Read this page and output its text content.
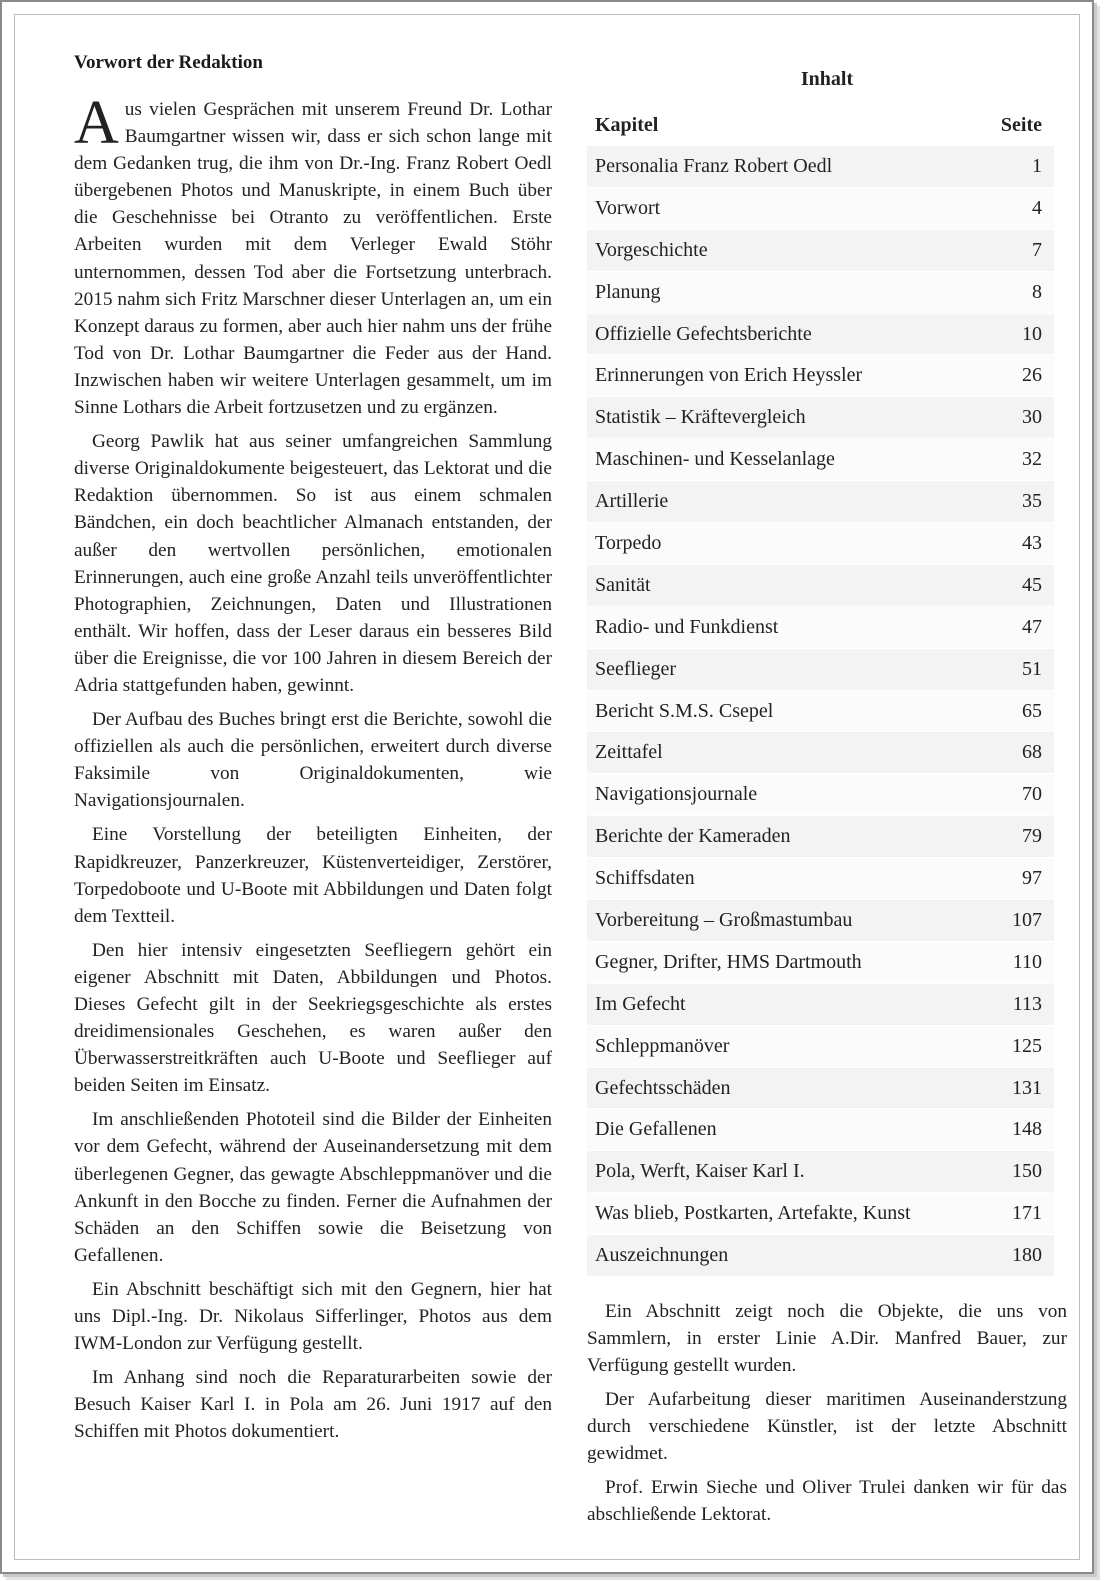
Vorwort der Redaktion

Aus vielen Gesprächen mit unserem Freund Dr. Lothar Baumgartner wissen wir, dass er sich schon lange mit dem Gedanken trug, die ihm von Dr.-Ing. Franz Robert Oedl übergebenen Photos und Manuskripte, in einem Buch über die Geschehnisse bei Otranto zu veröffentlichen. Erste Arbeiten wurden mit dem Verleger Ewald Stöhr unternommen, dessen Tod aber die Fortsetzung unterbrach. 2015 nahm sich Fritz Marschner dieser Unterlagen an, um ein Konzept daraus zu formen, aber auch hier nahm uns der frühe Tod von Dr. Lothar Baumgartner die Feder aus der Hand. Inzwischen haben wir weitere Unterlagen gesammelt, um im Sinne Lothars die Arbeit fortzusetzen und zu ergänzen.

Georg Pawlik hat aus seiner umfangreichen Sammlung diverse Originaldokumente beigesteuert, das Lektorat und die Redaktion übernommen. So ist aus einem schmalen Bändchen, ein doch beachtlicher Almanach entstanden, der außer den wertvollen persönlichen, emotionalen Erinnerungen, auch eine große Anzahl teils unveröffentlichter Photographien, Zeichnungen, Daten und Illustrationen enthält. Wir hoffen, dass der Leser daraus ein besseres Bild über die Ereignisse, die vor 100 Jahren in diesem Bereich der Adria stattgefunden haben, gewinnt.

Der Aufbau des Buches bringt erst die Berichte, sowohl die offiziellen als auch die persönlichen, erweitert durch diverse Faksimile von Originaldokumenten, wie Navigationsjournalen.

Eine Vorstellung der beteiligten Einheiten, der Rapidkreuzer, Panzerkreuzer, Küstenverteidiger, Zerstörer, Torpedoboote und U-Boote mit Abbildungen und Daten folgt dem Textteil.

Den hier intensiv eingesetzten Seefliegern gehört ein eigener Abschnitt mit Daten, Abbildungen und Photos. Dieses Gefecht gilt in der Seekriegsgeschichte als erstes dreidimensionales Geschehen, es waren außer den Überwasserstreitkräften auch U-Boote und Seeflieger auf beiden Seiten im Einsatz.

Im anschließenden Phototeil sind die Bilder der Einheiten vor dem Gefecht, während der Auseinandersetzung mit dem überlegenen Gegner, das gewagte Abschleppmanöver und die Ankunft in den Bocche zu finden. Ferner die Aufnahmen der Schäden an den Schiffen sowie die Beisetzung von Gefallenen.

Ein Abschnitt beschäftigt sich mit den Gegnern, hier hat uns Dipl.-Ing. Dr. Nikolaus Sifferlinger, Photos aus dem IWM-London zur Verfügung gestellt.

Im Anhang sind noch die Reparaturarbeiten sowie der Besuch Kaiser Karl I. in Pola am 26. Juni 1917 auf den Schiffen mit Photos dokumentiert.

Inhalt
Kapitel	Seite
Personalia Franz Robert Oedl	1
Vorwort	4
Vorgeschichte	7
Planung	8
Offizielle Gefechtsberichte	10
Erinnerungen von Erich Heyssler	26
Statistik – Kräftevergleich	30
Maschinen- und Kesselanlage	32
Artillerie	35
Torpedo	43
Sanität	45
Radio- und Funkdienst	47
Seeflieger	51
Bericht S.M.S. Csepel	65
Zeittafel	68
Navigationsjournale	70
Berichte der Kameraden	79
Schiffsdaten	97
Vorbereitung – Großmastumbau	107
Gegner, Drifter, HMS Dartmouth	110
Im Gefecht	113
Schleppmanöver	125
Gefechtsschäden	131
Die Gefallenen	148
Pola, Werft, Kaiser Karl I.	150
Was blieb, Postkarten, Artefakte, Kunst	171
Auszeichnungen	180

Ein Abschnitt zeigt noch die Objekte, die uns von Sammlern, in erster Linie A.Dir. Manfred Bauer, zur Verfügung gestellt wurden.

Der Aufarbeitung dieser maritimen Auseinanderstzung durch verschiedene Künstler, ist der letzte Abschnitt gewidmet.

Prof. Erwin Sieche und Oliver Trulei danken wir für das abschließende Lektorat.
